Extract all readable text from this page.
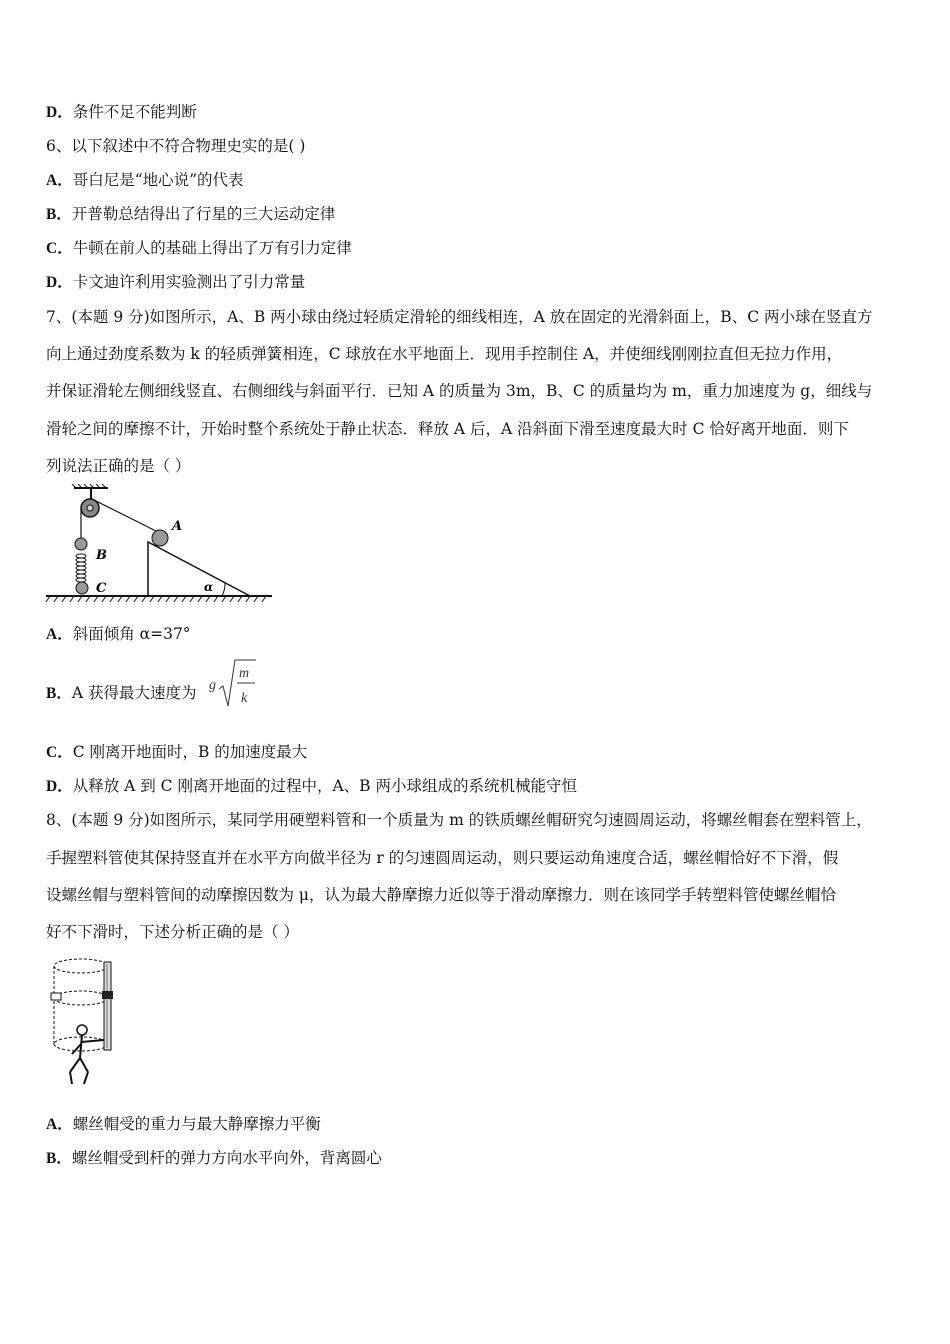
D．条件不足不能判断
6、以下叙述中不符合物理史实的是( )
A．哥白尼是“地心说”的代表
B．开普勒总结得出了行星的三大运动定律
C．牛顿在前人的基础上得出了万有引力定律
D．卡文迪许利用实验测出了引力常量
7、(本题 9 分)如图所示，A、B 两小球由绕过轻质定滑轮的细线相连，A 放在固定的光滑斜面上，B、C 两小球在竖直方
向上通过劲度系数为 k 的轻质弹簧相连，C 球放在水平地面上．现用手控制住 A，并使细线刚刚拉直但无拉力作用，
并保证滑轮左侧细线竖直、右侧细线与斜面平行．已知 A 的质量为 3m，B、C 的质量均为 m，重力加速度为 g，细线与
滑轮之间的摩擦不计，开始时整个系统处于静止状态．释放 A 后，A 沿斜面下滑至速度最大时 C 恰好离开地面．则下
列说法正确的是（ ）
A
B
C	α
A．斜面倾角 α=37°
B．A 获得最大速度为 g
m
k
C．C 刚离开地面时，B 的加速度最大
D．从释放 A 到 C 刚离开地面的过程中，A、B 两小球组成的系统机械能守恒
8、(本题 9 分)如图所示，某同学用硬塑料管和一个质量为 m 的铁质螺丝帽研究匀速圆周运动，将螺丝帽套在塑料管上，
手握塑料管使其保持竖直并在水平方向做半径为 r 的匀速圆周运动，则只要运动角速度合适，螺丝帽恰好不下滑，假
设螺丝帽与塑料管间的动摩擦因数为 μ，认为最大静摩擦力近似等于滑动摩擦力．则在该同学手转塑料管使螺丝帽恰
好不下滑时，下述分析正确的是（ ）
A．螺丝帽受的重力与最大静摩擦力平衡
B．螺丝帽受到杆的弹力方向水平向外，背离圆心
